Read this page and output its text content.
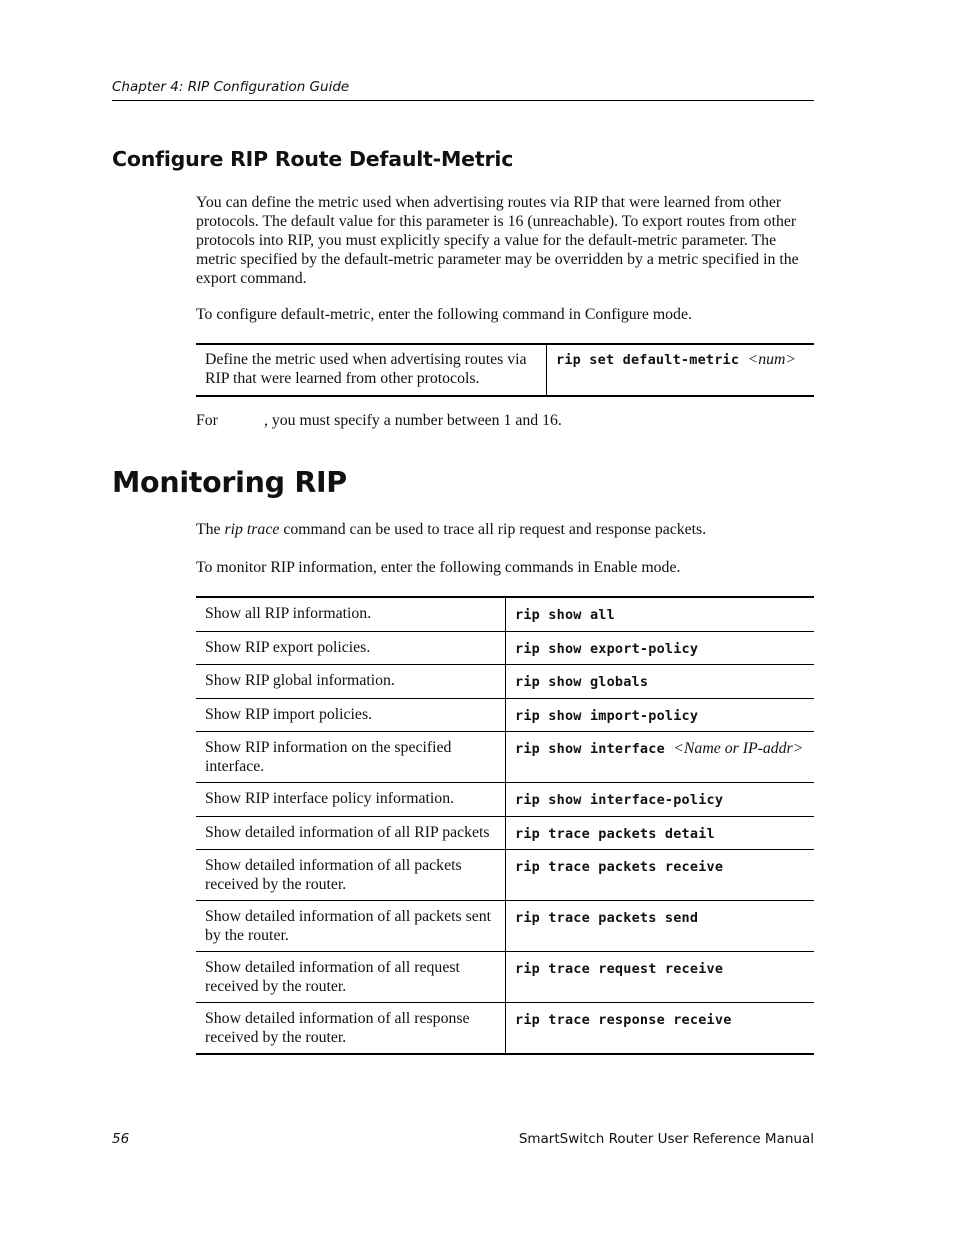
Chapter 4: RIP Configuration Guide
Configure RIP Route Default-Metric
You can define the metric used when advertising routes via RIP that were learned from other protocols. The default value for this parameter is 16 (unreachable). To export routes from other protocols into RIP, you must explicitly specify a value for the default-metric parameter. The metric specified by the default-metric parameter may be overridden by a metric specified in the export command.
To configure default-metric, enter the following command in Configure mode.
Define the metric used when advertising routes via RIP that were learned from other protocols.	rip set default-metric <num>
For	, you must specify a number between 1 and 16.
Monitoring RIP
The rip trace command can be used to trace all rip request and response packets.
To monitor RIP information, enter the following commands in Enable mode.
Show all RIP information.	rip show all
Show RIP export policies.	rip show export-policy
Show RIP global information.	rip show globals
Show RIP import policies.	rip show import-policy
Show RIP information on the specified interface.	rip show interface <Name or IP-addr>
Show RIP interface policy information.	rip show interface-policy
Show detailed information of all RIP packets	rip trace packets detail
Show detailed information of all packets received by the router.	rip trace packets receive
Show detailed information of all packets sent by the router.	rip trace packets send
Show detailed information of all request received by the router.	rip trace request receive
Show detailed information of all response received by the router.	rip trace response receive
56	SmartSwitch Router User Reference Manual
